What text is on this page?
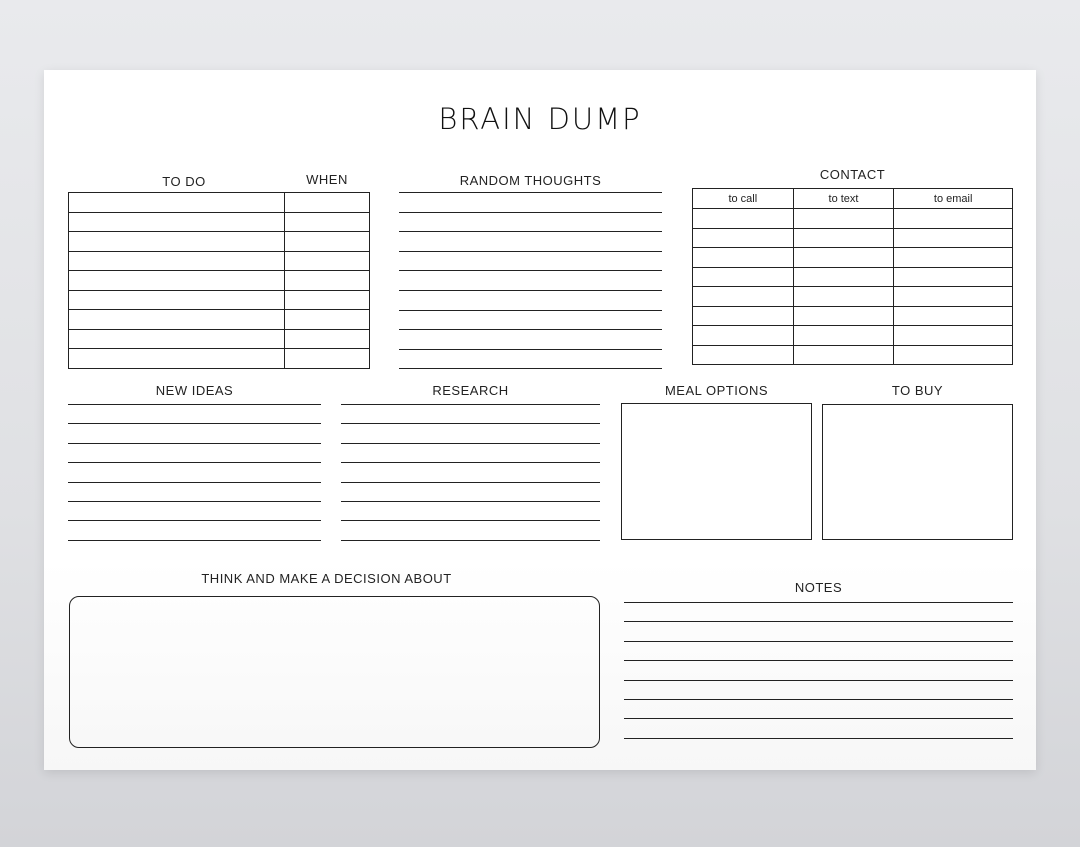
BRAIN DUMP
TO DO	WHEN

		RANDOM THOUGHTS	CONTACT
to call	to text	to email

NEW IDEAS	RESEARCH	MEAL OPTIONS	TO BUY
THINK AND MAKE A DECISION ABOUT
NOTES
